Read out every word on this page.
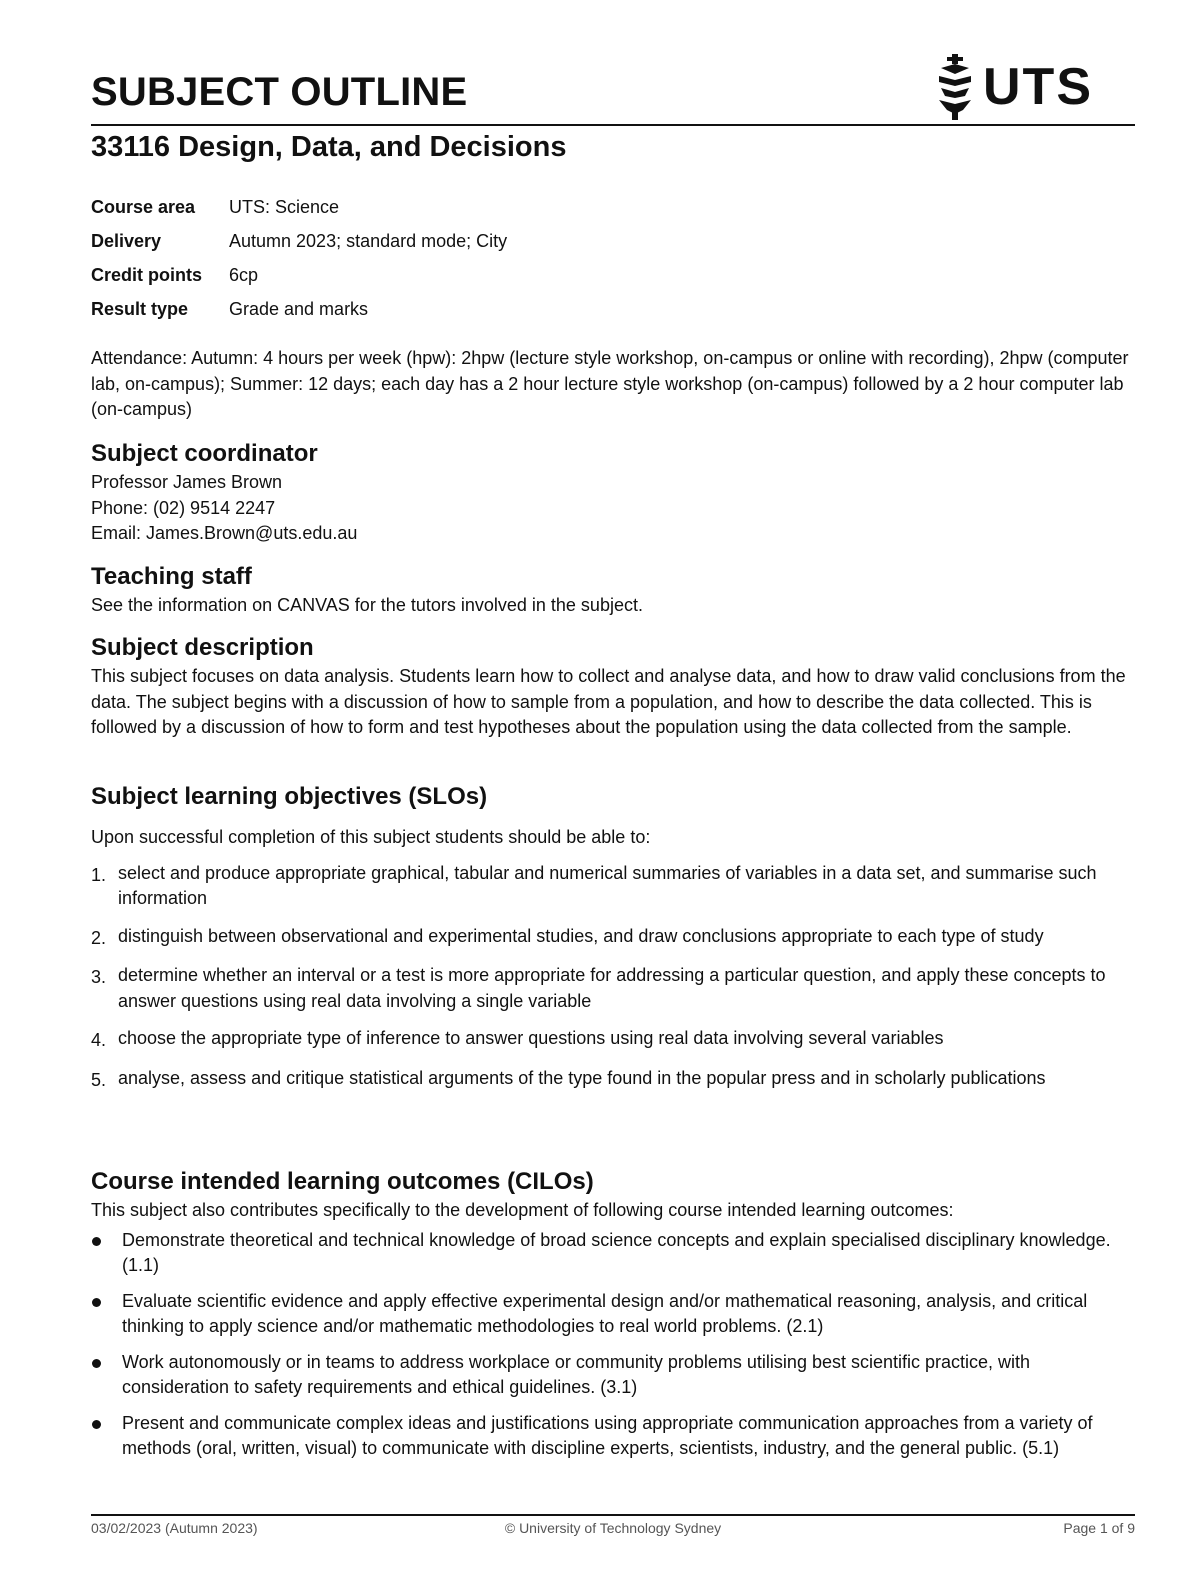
SUBJECT OUTLINE	UTS
33116 Design, Data, and Decisions
Course area	UTS: Science
Delivery	Autumn 2023; standard mode; City
Credit points	6cp
Result type	Grade and marks
Attendance: Autumn: 4 hours per week (hpw): 2hpw (lecture style workshop, on-campus or online with recording), 2hpw (computer lab, on-campus); Summer: 12 days; each day has a 2 hour lecture style workshop (on-campus) followed by a 2 hour computer lab (on-campus)
Subject coordinator
Professor James Brown
Phone: (02) 9514 2247
Email: James.Brown@uts.edu.au
Teaching staff
See the information on CANVAS for the tutors involved in the subject.
Subject description
This subject focuses on data analysis. Students learn how to collect and analyse data, and how to draw valid conclusions from the data. The subject begins with a discussion of how to sample from a population, and how to describe the data collected. This is followed by a discussion of how to form and test hypotheses about the population using the data collected from the sample.
Subject learning objectives (SLOs)
Upon successful completion of this subject students should be able to:
1. select and produce appropriate graphical, tabular and numerical summaries of variables in a data set, and summarise such information
2. distinguish between observational and experimental studies, and draw conclusions appropriate to each type of study
3. determine whether an interval or a test is more appropriate for addressing a particular question, and apply these concepts to answer questions using real data involving a single variable
4. choose the appropriate type of inference to answer questions using real data involving several variables
5. analyse, assess and critique statistical arguments of the type found in the popular press and in scholarly publications
Course intended learning outcomes (CILOs)
This subject also contributes specifically to the development of following course intended learning outcomes:
Demonstrate theoretical and technical knowledge of broad science concepts and explain specialised disciplinary knowledge. (1.1)
Evaluate scientific evidence and apply effective experimental design and/or mathematical reasoning, analysis, and critical thinking to apply science and/or mathematic methodologies to real world problems. (2.1)
Work autonomously or in teams to address workplace or community problems utilising best scientific practice, with consideration to safety requirements and ethical guidelines. (3.1)
Present and communicate complex ideas and justifications using appropriate communication approaches from a variety of methods (oral, written, visual) to communicate with discipline experts, scientists, industry, and the general public. (5.1)
03/02/2023 (Autumn 2023)	© University of Technology Sydney	Page 1 of 9
